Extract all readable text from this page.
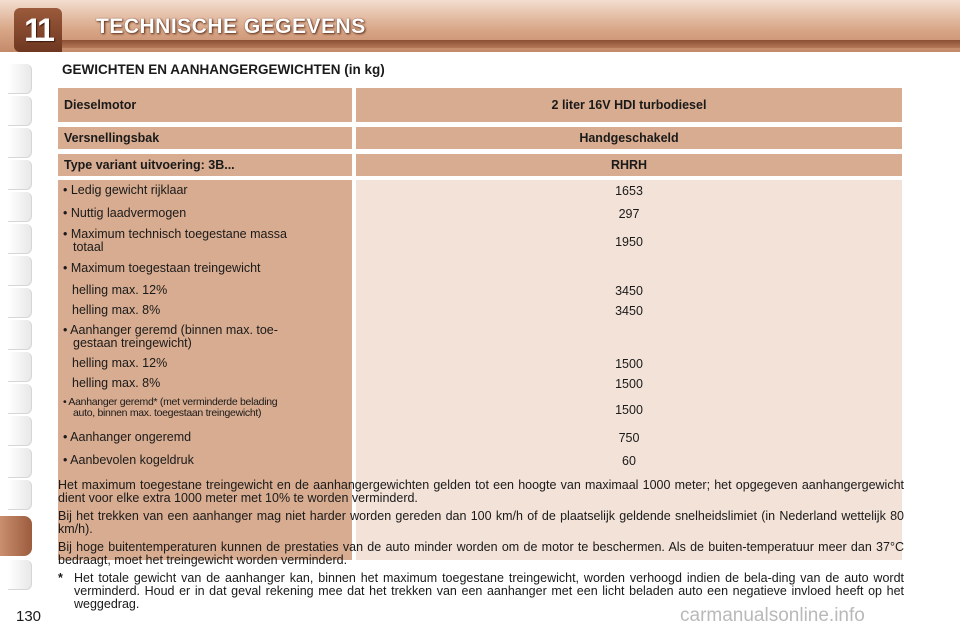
11	TECHNISCHE GEGEVENS
GEWICHTEN EN AANHANGERGEWICHTEN (in kg)
Dieselmotor	2 liter 16V HDI turbodiesel
Versnellingsbak	Handgeschakeld
Type variant uitvoering: 3B...	RHRH
• Ledig gewicht rijklaar	1653
• Nuttig laadvermogen	297
• Maximum technisch toegestane massa
totaal	1950
• Maximum toegestaan treingewicht
helling max. 12%	3450
helling max. 8%	3450
• Aanhanger geremd (binnen max. toe-
gestaan treingewicht)
helling max. 12%	1500
helling max. 8%	1500
• Aanhanger geremd* (met verminderde belading
auto, binnen max. toegestaan treingewicht)	1500
• Aanhanger ongeremd	750
• Aanbevolen kogeldruk	60

Het maximum toegestane treingewicht en de aanhangergewichten gelden tot een hoogte van maximaal 1000 meter; het opgegeven aanhangergewicht dient voor elke extra 1000 meter met 10% te worden verminderd.

Bij het trekken van een aanhanger mag niet harder worden gereden dan 100 km/h of de plaatselijk geldende snelheidslimiet (in Nederland wettelijk 80 km/h).

Bij hoge buitentemperaturen kunnen de prestaties van de auto minder worden om de motor te beschermen. Als de buiten-temperatuur meer dan 37°C bedraagt, moet het treingewicht worden verminderd.

* Het totale gewicht van de aanhanger kan, binnen het maximum toegestane treingewicht, worden verhoogd indien de bela-ding van de auto wordt verminderd. Houd er in dat geval rekening mee dat het trekken van een aanhanger met een licht beladen auto een negatieve invloed heeft op het weggedrag.
130	carmanualsonline.info
